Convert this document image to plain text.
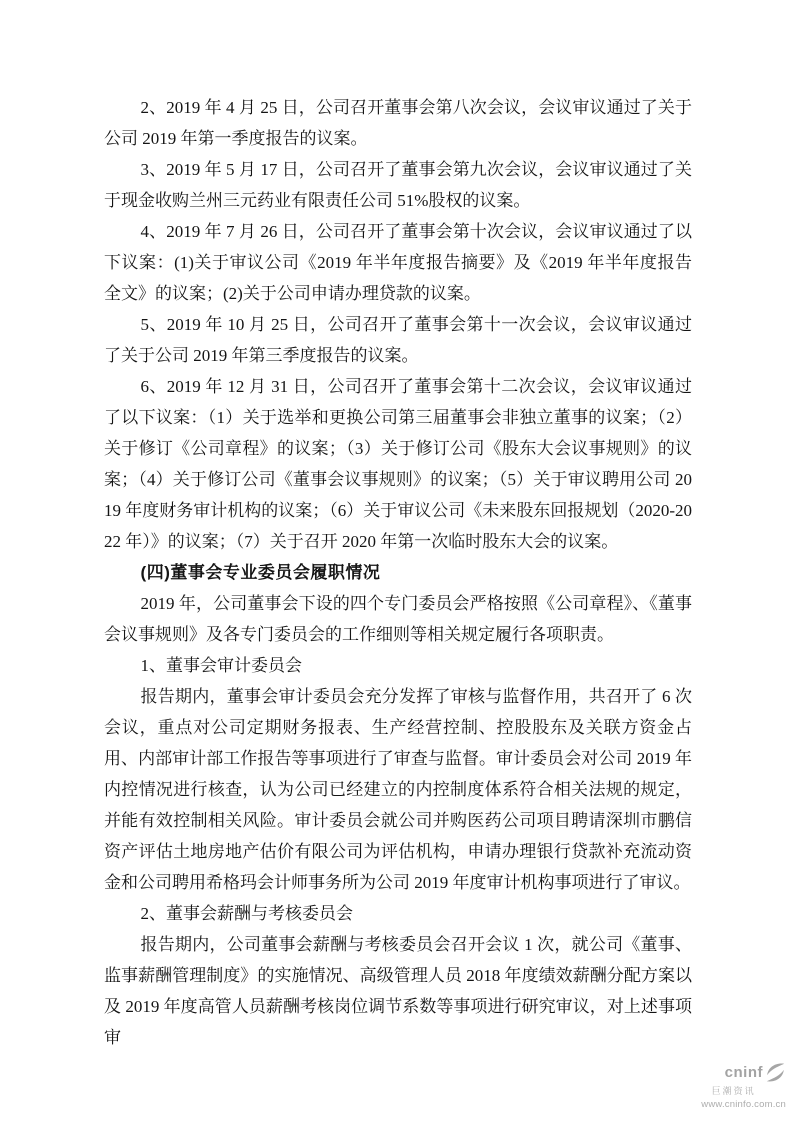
2、2019 年 4 月 25 日，公司召开董事会第八次会议，会议审议通过了关于公司 2019 年第一季度报告的议案。

3、2019 年 5 月 17 日，公司召开了董事会第九次会议，会议审议通过了关于现金收购兰州三元药业有限责任公司 51%股权的议案。

4、2019 年 7 月 26 日，公司召开了董事会第十次会议，会议审议通过了以下议案：(1)关于审议公司《2019 年半年度报告摘要》及《2019 年半年度报告全文》的议案；(2)关于公司申请办理贷款的议案。

5、2019 年 10 月 25 日，公司召开了董事会第十一次会议，会议审议通过了关于公司 2019 年第三季度报告的议案。

6、2019 年 12 月 31 日，公司召开了董事会第十二次会议，会议审议通过了以下议案：（1）关于选举和更换公司第三届董事会非独立董事的议案；（2）关于修订《公司章程》的议案；（3）关于修订公司《股东大会议事规则》的议案；（4）关于修订公司《董事会议事规则》的议案；（5）关于审议聘用公司 2019 年度财务审计机构的议案；（6）关于审议公司《未来股东回报规划（2020-2022 年）》的议案；（7）关于召开 2020 年第一次临时股东大会的议案。

(四)董事会专业委员会履职情况

2019 年，公司董事会下设的四个专门委员会严格按照《公司章程》、《董事会议事规则》及各专门委员会的工作细则等相关规定履行各项职责。

1、董事会审计委员会

报告期内，董事会审计委员会充分发挥了审核与监督作用，共召开了 6 次会议，重点对公司定期财务报表、生产经营控制、控股股东及关联方资金占用、内部审计部工作报告等事项进行了审查与监督。审计委员会对公司 2019 年内控情况进行核查，认为公司已经建立的内控制度体系符合相关法规的规定，并能有效控制相关风险。审计委员会就公司并购医药公司项目聘请深圳市鹏信资产评估土地房地产估价有限公司为评估机构，申请办理银行贷款补充流动资金和公司聘用希格玛会计师事务所为公司 2019 年度审计机构事项进行了审议。

2、董事会薪酬与考核委员会

报告期内，公司董事会薪酬与考核委员会召开会议 1 次，就公司《董事、监事薪酬管理制度》的实施情况、高级管理人员 2018 年度绩效薪酬分配方案以及 2019 年度高管人员薪酬考核岗位调节系数等事项进行研究审议，对上述事项审

cninf
巨潮资讯
www.cninfo.com.cn
